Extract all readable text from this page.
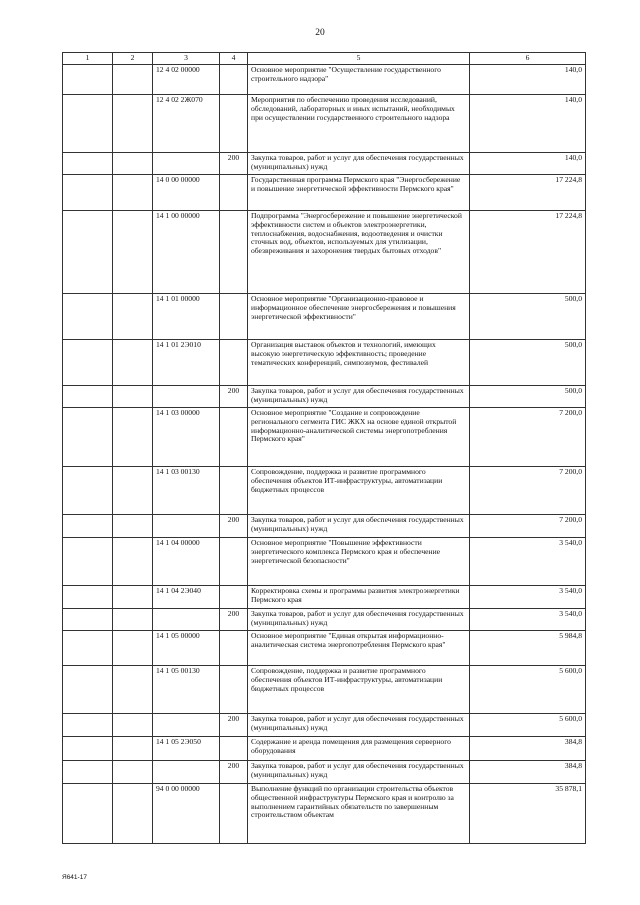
20
1	2	3	4	5	6
		12 4 02 00000		Основное мероприятие "Осуществление государственного строительного надзора"	140,0
		12 4 02 2Ж070		Мероприятия по обеспечению проведения исследований, обследований, лабораторных и иных испытаний, необходимых при осуществлении государственного строительного надзора	140,0
			200	Закупка товаров, работ и услуг для обеспечения государственных (муниципальных) нужд	140,0
		14 0 00 00000		Государственная программа Пермского края "Энергосбережение и повышение энергетической эффективности Пермского края"	17 224,8
		14 1 00 00000		Подпрограмма "Энергосбережение и повышение энергетической эффективности систем и объектов электроэнергетики, теплоснабжения, водоснабжения, водоотведения и очистки сточных вод, объектов, используемых для утилизации, обезвреживания и захоронения твердых бытовых отходов"	17 224,8
		14 1 01 00000		Основное мероприятие "Организационно-правовое и информационное обеспечение энергосбережения и повышения энергетической эффективности"	500,0
		14 1 01 2Э010		Организация выставок объектов и технологий, имеющих высокую энергетическую эффективность; проведение тематических конференций, симпозиумов, фестивалей	500,0
			200	Закупка товаров, работ и услуг для обеспечения государственных (муниципальных) нужд	500,0
		14 1 03 00000		Основное мероприятие "Создание и сопровождение регионального сегмента ГИС ЖКХ на основе единой открытой информационно-аналитической системы энергопотребления Пермского края"	7 200,0
		14 1 03 00130		Сопровождение, поддержка и развитие программного обеспечения объектов ИТ-инфраструктуры, автоматизации бюджетных процессов	7 200,0
			200	Закупка товаров, работ и услуг для обеспечения государственных (муниципальных) нужд	7 200,0
		14 1 04 00000		Основное мероприятие "Повышение эффективности энергетического комплекса Пермского края и обеспечение энергетической безопасности"	3 540,0
		14 1 04 2Э040		Корректировка схемы и программы развития электроэнергетики Пермского края	3 540,0
			200	Закупка товаров, работ и услуг для обеспечения государственных (муниципальных) нужд	3 540,0
		14 1 05 00000		Основное мероприятие "Единая открытая информационно-аналитическая система энергопотребления Пермского края"	5 984,8
		14 1 05 00130		Сопровождение, поддержка и развитие программного обеспечения объектов ИТ-инфраструктуры, автоматизации бюджетных процессов	5 600,0
			200	Закупка товаров, работ и услуг для обеспечения государственных (муниципальных) нужд	5 600,0
		14 1 05 2Э050		Содержание и аренда помещения для размещения серверного оборудования	384,8
			200	Закупка товаров, работ и услуг для обеспечения государственных (муниципальных) нужд	384,8
		94 0 00 00000		Выполнение функций по организации строительства объектов общественной инфраструктуры Пермского края и контролю за выполнением гарантийных обязательств по завершенным строительством объектам	35 878,1
Я641-17
